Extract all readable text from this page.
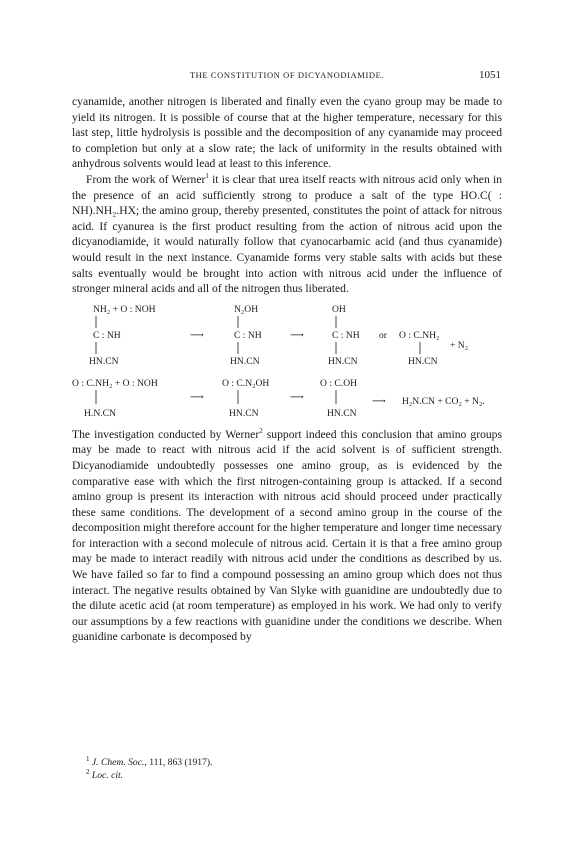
THE CONSTITUTION OF DICYANODIAMIDE.	1051

cyanamide, another nitrogen is liberated and finally even the cyano group may be made to yield its nitrogen. It is possible of course that at the higher temperature, necessary for this last step, little hydrolysis is possible and the decomposition of any cyanamide may proceed to completion but only at a slow rate; the lack of uniformity in the results obtained with anhydrous solvents would lead at least to this inference.

From the work of Werner$^1$ it is clear that urea itself reacts with nitrous acid only when in the presence of an acid sufficiently strong to produce a salt of the type HO.C( : NH).NH₂.HX; the amino group, thereby presented, constitutes the point of attack for nitrous acid. If cyanurea is the first product resulting from the action of nitrous acid upon the dicyanodiamide, it would naturally follow that cyanocarbamic acid (and thus cyanamide) would result in the next instance. Cyanamide forms very stable salts with acids but these salts eventually would be brought into action with nitrous acid under the influence of stronger mineral acids and all of the nitrogen thus liberated.

NH₂ + O : NOH
C : NH
HN.CN
⟶
N₂OH
C : NH
HN.CN
⟶
OH
C : NH
HN.CN
or O : C.NH₂
HN.CN
+ N₂
O : C.NH₂ + O : NOH
H.N.CN
⟶
O : C.N₂OH
HN.CN
⟶
O : C.OH
HN.CN
⟶ H₂N.CN + CO₂ + N₂.

The investigation conducted by Werner$^2$ support indeed this conclusion that amino groups may be made to react with nitrous acid if the acid solvent is of sufficient strength. Dicyanodiamide undoubtedly possesses one amino group, as is evidenced by the comparative ease with which the first nitrogen-containing group is attacked. If a second amino group is present its interaction with nitrous acid should proceed under practically these same conditions. The development of a second amino group in the course of the decomposition might therefore account for the higher temperature and longer time necessary for interaction with a second molecule of nitrous acid. Certain it is that a free amino group may be made to interact readily with nitrous acid under the conditions as described by us. We have failed so far to find a compound possessing an amino group which does not thus interact. The negative results obtained by Van Slyke with guanidine are undoubtedly due to the dilute acetic acid (at room temperature) as employed in his work. We had only to verify our assumptions by a few reactions with guanidine under the conditions we describe. When guanidine carbonate is decomposed by

$^1$ J. Chem. Soc., 111, 863 (1917).
$^2$ Loc. cit.
